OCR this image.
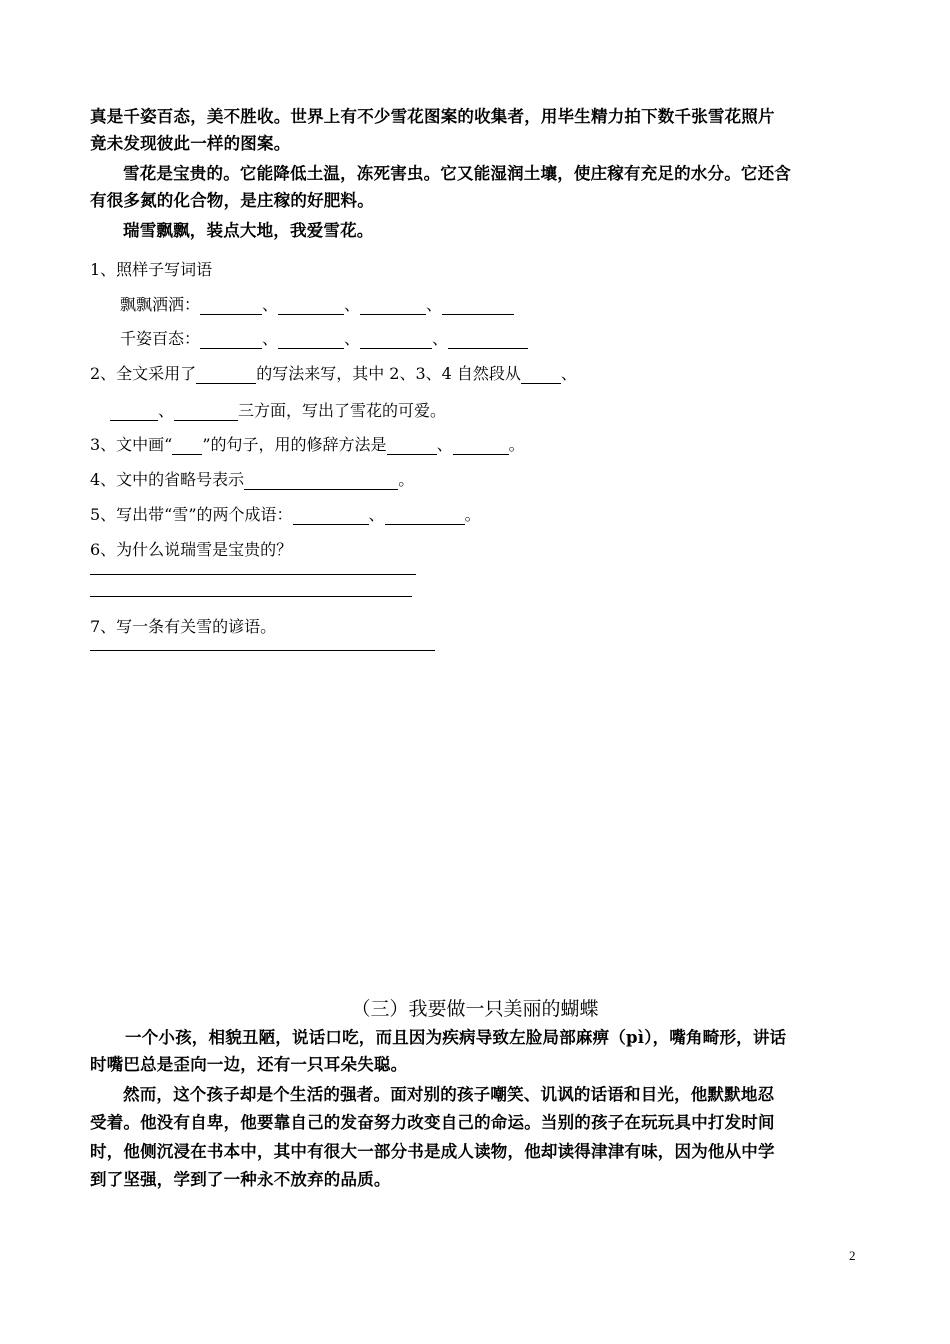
真是千姿百态，美不胜收。世界上有不少雪花图案的收集者，用毕生精力拍下数千张雪花照片
竟未发现彼此一样的图案。
雪花是宝贵的。它能降低土温，冻死害虫。它又能湿润土壤，使庄稼有充足的水分。它还含
有很多氮的化合物，是庄稼的好肥料。
瑞雪飘飘，装点大地，我爱雪花。
1、照样子写词语
飘飘洒洒：	、	、	、
千姿百态：	、	、	、
2、全文采用了	的写法来写，其中 2、3、4 自然段从	、
、	三方面，写出了雪花的可爱。
3、文中画“ ”的句子，用的修辞方法是	、	。
4、文中的省略号表示	。
5、写出带“雪”的两个成语：	、	。
6、为什么说瑞雪是宝贵的？
7、写一条有关雪的谚语。
（三）我要做一只美丽的蝴蝶
一个小孩，相貌丑陋，说话口吃，而且因为疾病导致左脸局部麻痹（pì），嘴角畸形，讲话
时嘴巴总是歪向一边，还有一只耳朵失聪。
然而，这个孩子却是个生活的强者。面对别的孩子嘲笑、讥讽的话语和目光，他默默地忍
受着。他没有自卑，他要靠自己的发奋努力改变自己的命运。当别的孩子在玩玩具中打发时间
时，他侧沉浸在书本中，其中有很大一部分书是成人读物，他却读得津津有味，因为他从中学
到了坚强，学到了一种永不放弃的品质。
2
